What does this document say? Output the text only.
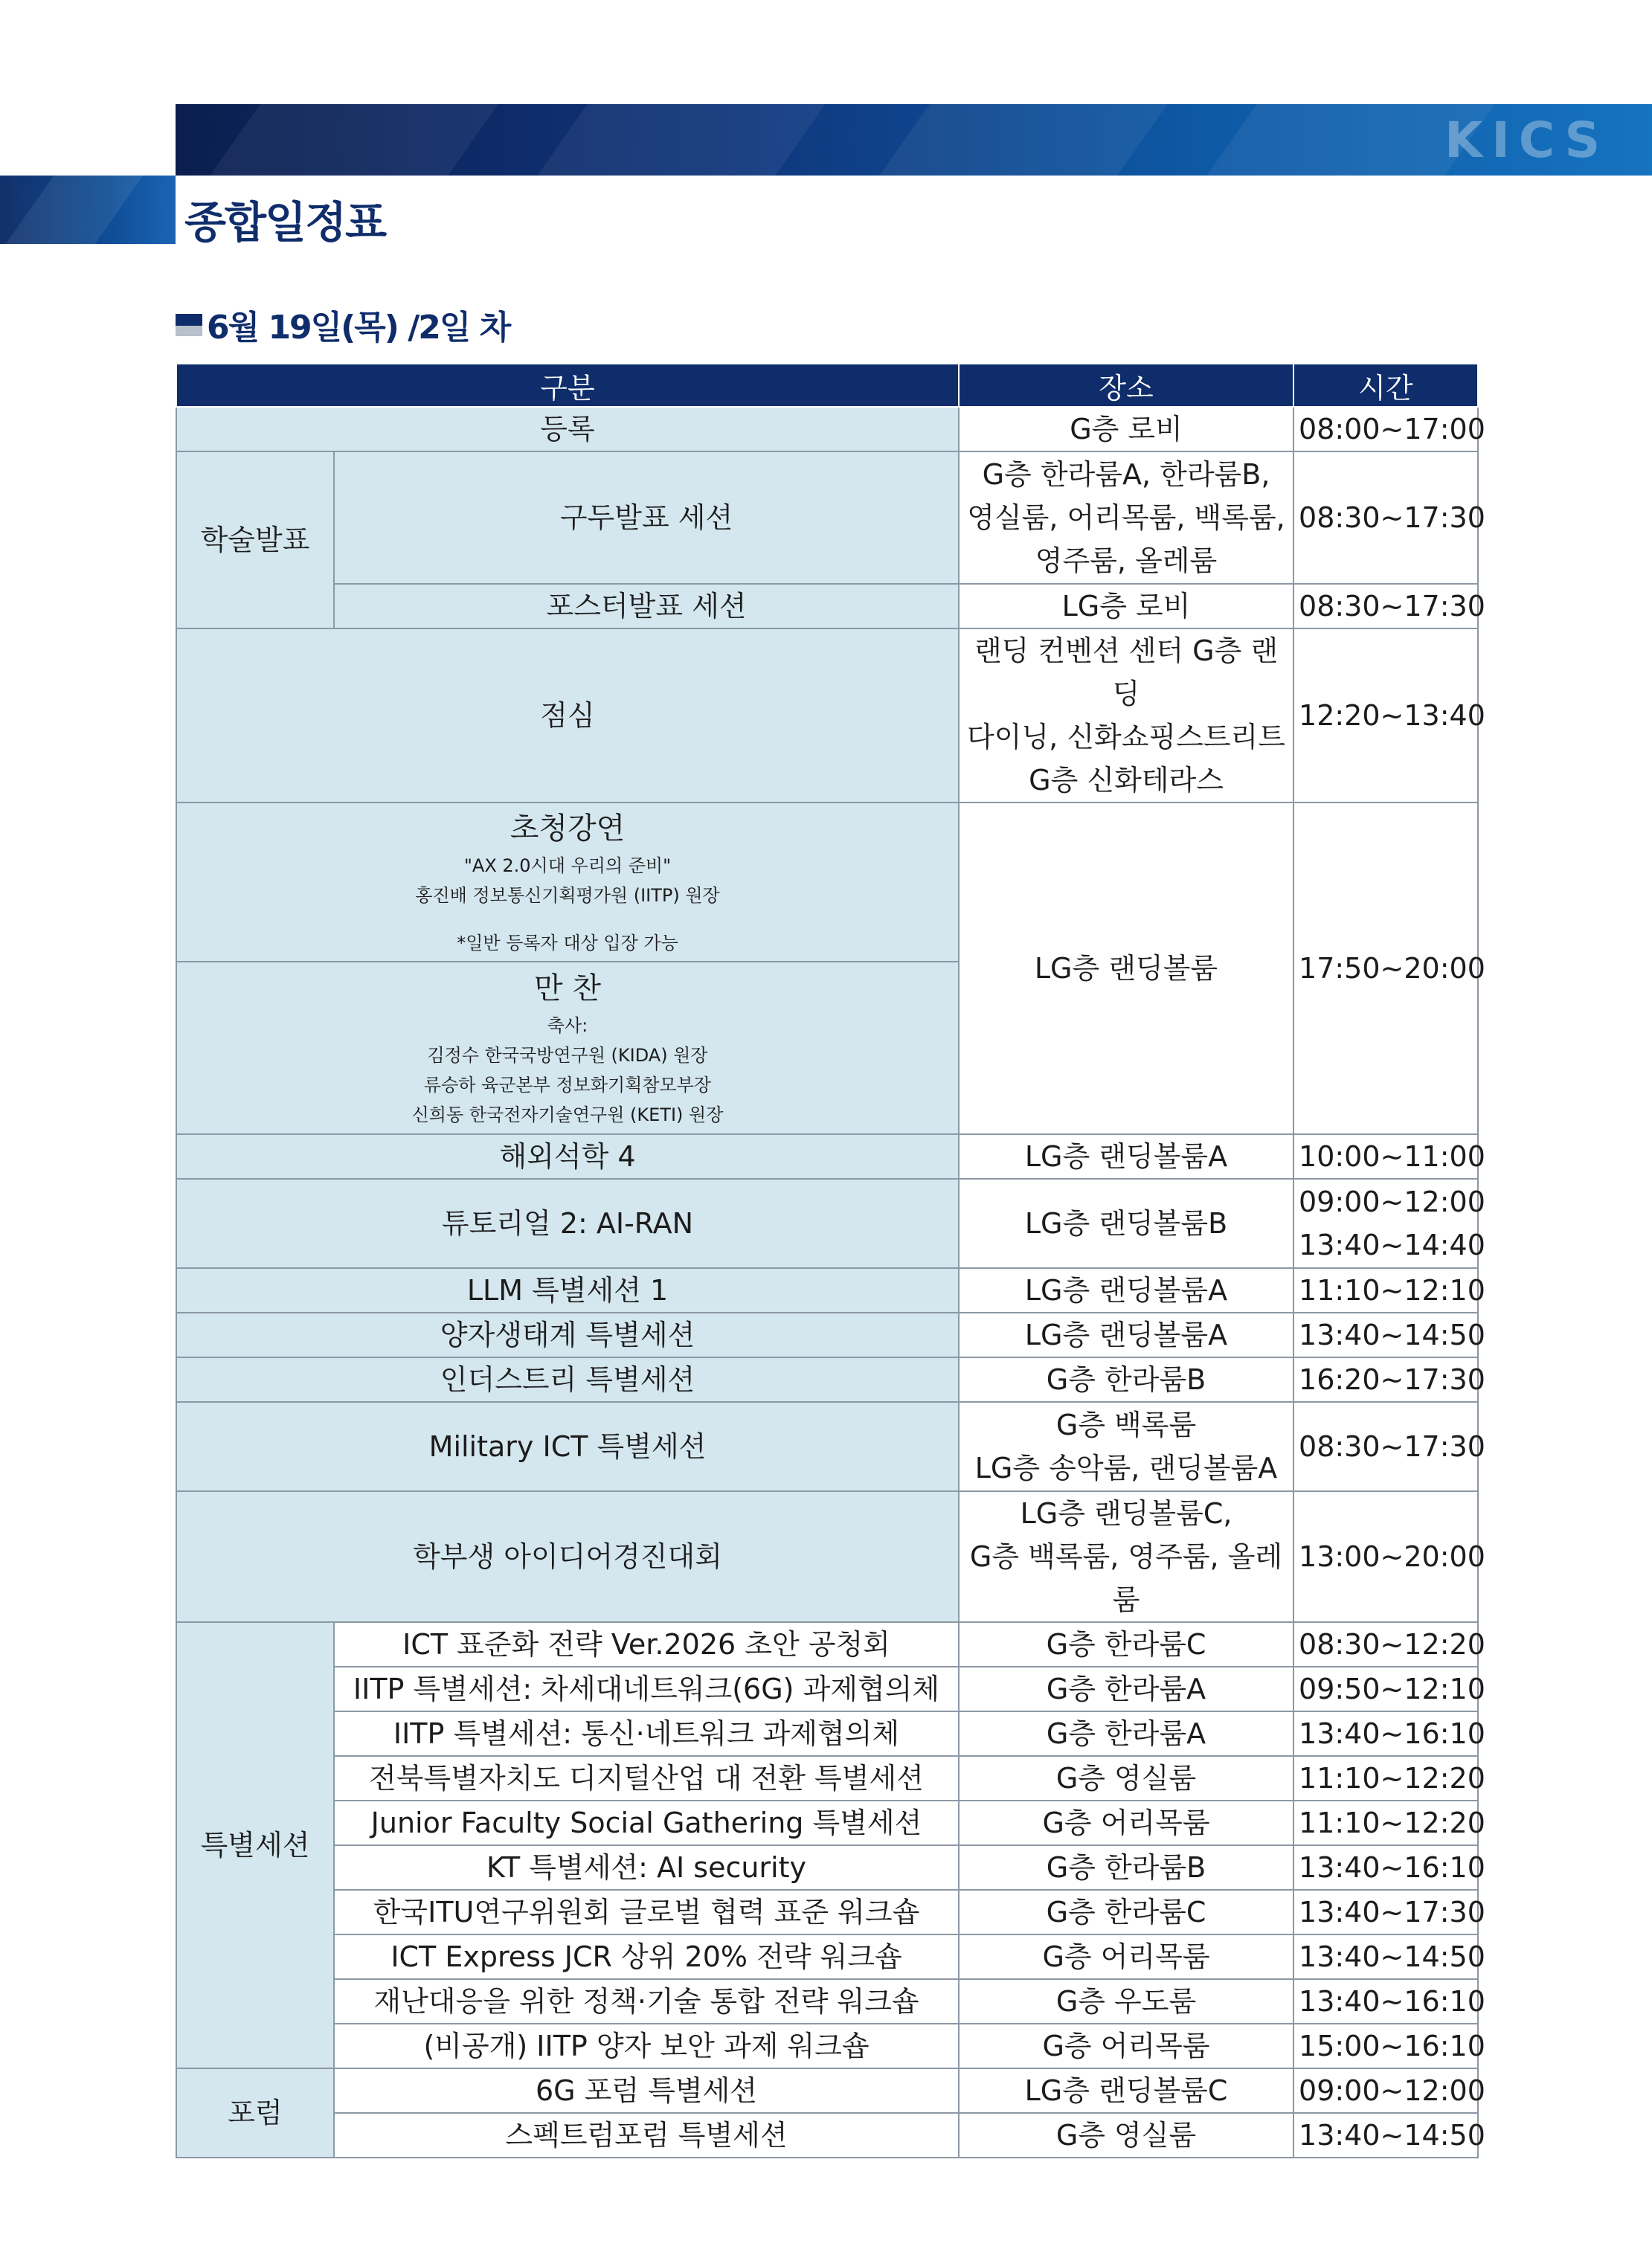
KICS
종합일정표
6월 19일(목) /2일 차
구분		장소	시간
등록		G층 로비	08:00~17:00
학술발표	구두발표 세션	G층 한라룸A, 한라룸B,
영실룸, 어리목룸, 백록룸,
영주룸, 올레룸	08:30~17:30
	포스터발표 세션	LG층 로비	08:30~17:30
점심		랜딩 컨벤션 센터 G층 랜딩
다이닝, 신화쇼핑스트리트
G층 신화테라스	12:20~13:40

초청강연
"AX 2.0시대 우리의 준비"
홍진배 정보통신기획평가원 (IITP) 원장
*일반 등록자 대상 입장 가능		LG층 랜딩볼룸	17:50~20:00

만 찬
축사:
김정수 한국국방연구원 (KIDA) 원장
류승하 육군본부 정보화기획참모부장
신희동 한국전자기술연구원 (KETI) 원장			

해외석학 4		LG층 랜딩볼룸A	10:00~11:00
튜토리얼 2: AI-RAN		LG층 랜딩볼룸B	09:00~12:00
13:40~14:40

LLM 특별세션 1		LG층 랜딩볼룸A	11:10~12:10
양자생태계 특별세션		LG층 랜딩볼룸A	13:40~14:50
인더스트리 특별세션		G층 한라룸B	16:20~17:30
Military ICT 특별세션		G층 백록룸
LG층 송악룸, 랜딩볼룸A	08:30~17:30
학부생 아이디어경진대회		LG층 랜딩볼룸C,
G층 백록룸, 영주룸, 올레룸	13:00~20:00
특별세션	ICT 표준화 전략 Ver.2026 초안 공청회	G층 한라룸C	08:30~12:20
	IITP 특별세션: 차세대네트워크(6G) 과제협의체	G층 한라룸A	09:50~12:10
	IITP 특별세션: 통신·네트워크 과제협의체	G층 한라룸A	13:40~16:10
	전북특별자치도 디지털산업 대 전환 특별세션	G층 영실룸	11:10~12:20
	Junior Faculty Social Gathering 특별세션	G층 어리목룸	11:10~12:20
	KT 특별세션: AI security	G층 한라룸B	13:40~16:10
	한국ITU연구위원회 글로벌 협력 표준 워크숍	G층 한라룸C	13:40~17:30
	ICT Express JCR 상위 20% 전략 워크숍	G층 어리목룸	13:40~14:50
	재난대응을 위한 정책·기술 통합 전략 워크숍	G층 우도룸	13:40~16:10
	(비공개) IITP 양자 보안 과제 워크숍	G층 어리목룸	15:00~16:10
포럼	6G 포럼 특별세션	LG층 랜딩볼룸C	09:00~12:00
	스펙트럼포럼 특별세션	G층 영실룸	13:40~14:50
